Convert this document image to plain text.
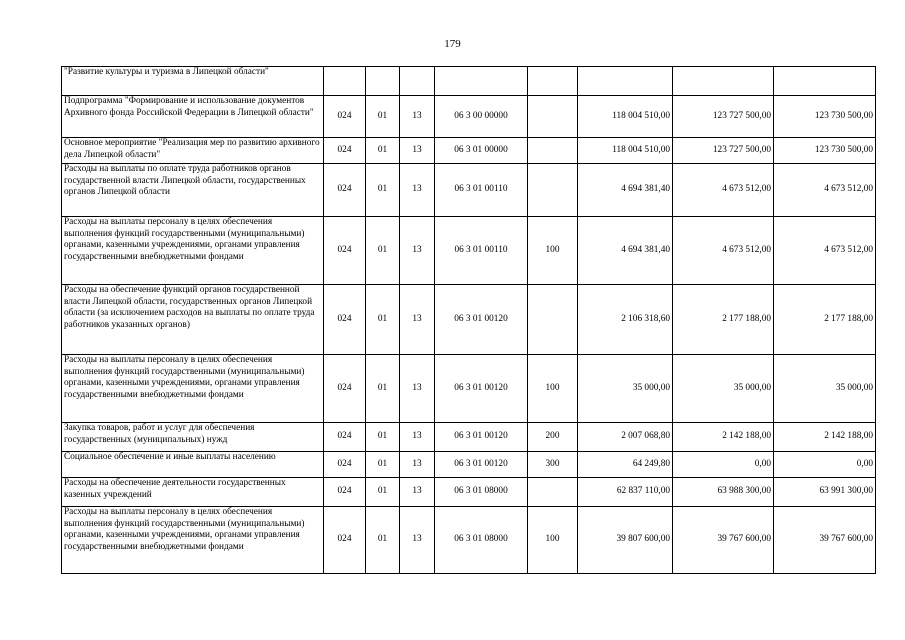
179
"Развитие культуры и туризма в Липецкой области"								
Подпрограмма "Формирование и использование документов Архивного фонда Российской Федерации в Липецкой области"	024	01	13	06 3 00 00000		118 004 510,00	123 727 500,00	123 730 500,00
Основное мероприятие "Реализация мер по развитию архивного дела Липецкой области"	024	01	13	06 3 01 00000		118 004 510,00	123 727 500,00	123 730 500,00
Расходы на выплаты по оплате труда работников органов государственной власти Липецкой области, государственных органов Липецкой области	024	01	13	06 3 01 00110		4 694 381,40	4 673 512,00	4 673 512,00
Расходы на выплаты персоналу в целях обеспечения выполнения функций государственными (муниципальными) органами, казенными учреждениями, органами управления государственными внебюджетными фондами	024	01	13	06 3 01 00110	100	4 694 381,40	4 673 512,00	4 673 512,00
Расходы на обеспечение функций органов государственной власти Липецкой области, государственных органов Липецкой области (за исключением расходов на выплаты по оплате труда работников указанных органов)	024	01	13	06 3 01 00120		2 106 318,60	2 177 188,00	2 177 188,00
Расходы на выплаты персоналу в целях обеспечения выполнения функций государственными (муниципальными) органами, казенными учреждениями, органами управления государственными внебюджетными фондами	024	01	13	06 3 01 00120	100	35 000,00	35 000,00	35 000,00
Закупка товаров, работ и услуг для обеспечения государственных (муниципальных) нужд	024	01	13	06 3 01 00120	200	2 007 068,80	2 142 188,00	2 142 188,00
Социальное обеспечение и иные выплаты населению	024	01	13	06 3 01 00120	300	64 249,80	0,00	0,00
Расходы на обеспечение деятельности государственных казенных учреждений	024	01	13	06 3 01 08000		62 837 110,00	63 988 300,00	63 991 300,00
Расходы на выплаты персоналу в целях обеспечения выполнения функций государственными (муниципальными) органами, казенными учреждениями, органами управления государственными внебюджетными фондами	024	01	13	06 3 01 08000	100	39 807 600,00	39 767 600,00	39 767 600,00
